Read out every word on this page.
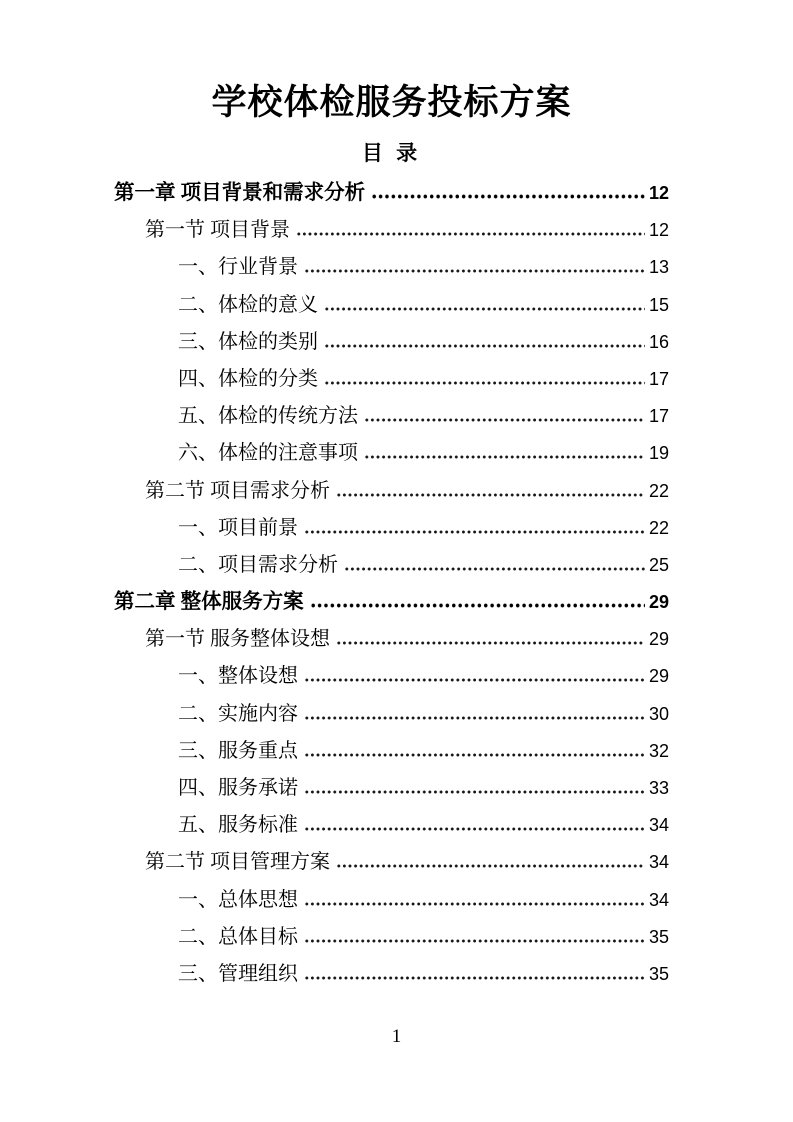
学校体检服务投标方案
目 录
第一章 项目背景和需求分析	12
第一节 项目背景	12
一、行业背景	13
二、体检的意义	15
三、体检的类别	16
四、体检的分类	17
五、体检的传统方法	17
六、体检的注意事项	19
第二节 项目需求分析	22
一、项目前景	22
二、项目需求分析	25
第二章 整体服务方案	29
第一节 服务整体设想	29
一、整体设想	29
二、实施内容	30
三、服务重点	32
四、服务承诺	33
五、服务标准	34
第二节 项目管理方案	34
一、总体思想	34
二、总体目标	35
三、管理组织	35
1
